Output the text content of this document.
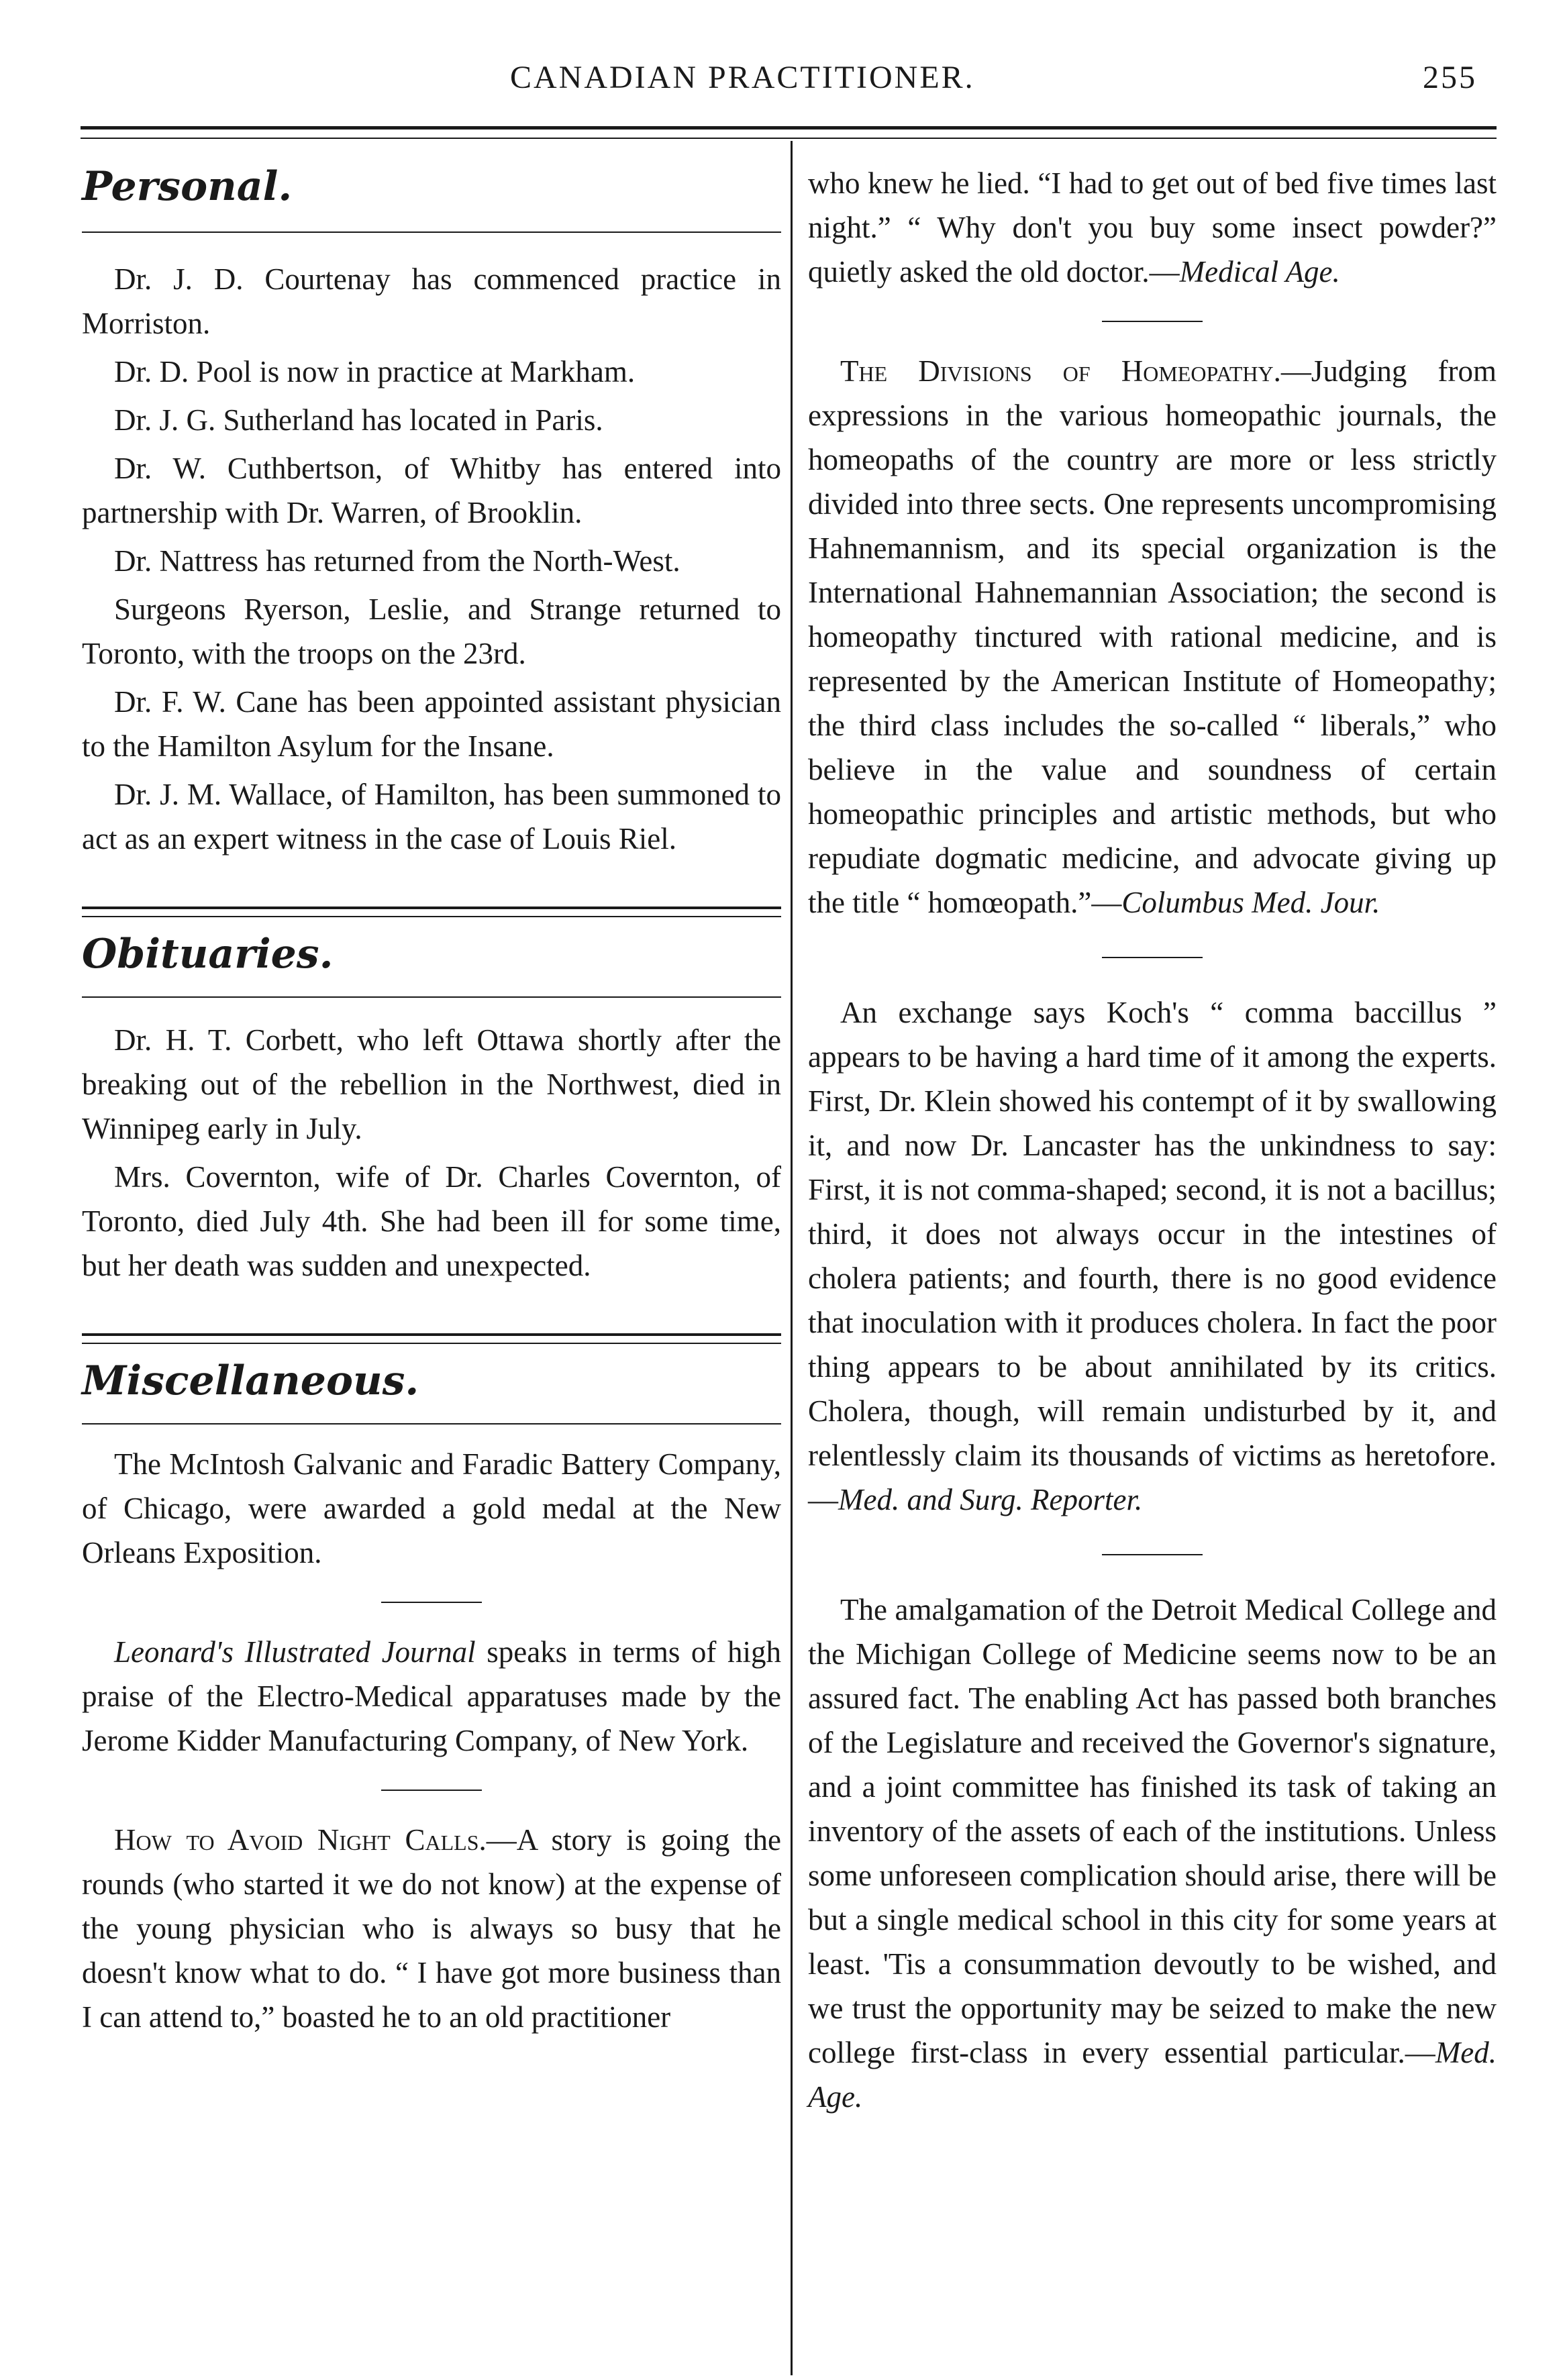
CANADIAN PRACTITIONER.	255

Personal.

Dr. J. D. Courtenay has commenced practice in Morriston.

Dr. D. Pool is now in practice at Markham.

Dr. J. G. Sutherland has located in Paris.

Dr. W. Cuthbertson, of Whitby has entered into partnership with Dr. Warren, of Brooklin.

Dr. Nattress has returned from the North-West.

Surgeons Ryerson, Leslie, and Strange returned to Toronto, with the troops on the 23rd.

Dr. F. W. Cane has been appointed assistant physician to the Hamilton Asylum for the Insane.

Dr. J. M. Wallace, of Hamilton, has been summoned to act as an expert witness in the case of Louis Riel.

Obituaries.

Dr. H. T. Corbett, who left Ottawa shortly after the breaking out of the rebellion in the Northwest, died in Winnipeg early in July.

Mrs. Covernton, wife of Dr. Charles Covernton, of Toronto, died July 4th. She had been ill for some time, but her death was sudden and unexpected.

Miscellaneous.

The McIntosh Galvanic and Faradic Battery Company, of Chicago, were awarded a gold medal at the New Orleans Exposition.

Leonard's Illustrated Journal speaks in terms of high praise of the Electro-Medical apparatuses made by the Jerome Kidder Manufacturing Company, of New York.

How to Avoid Night Calls.—A story is going the rounds (who started it we do not know) at the expense of the young physician who is always so busy that he doesn't know what to do. “ I have got more business than I can attend to,” boasted he to an old practitioner

who knew he lied. “I had to get out of bed five times last night.” “ Why don't you buy some insect powder?” quietly asked the old doctor.—Medical Age.

The Divisions of Homeopathy.—Judging from expressions in the various homeopathic journals, the homeopaths of the country are more or less strictly divided into three sects. One represents uncompromising Hahnemannism, and its special organization is the International Hahnemannian Association; the second is homeopathy tinctured with rational medicine, and is represented by the American Institute of Homeopathy; the third class includes the so-called “ liberals,” who believe in the value and soundness of certain homeopathic principles and artistic methods, but who repudiate dogmatic medicine, and advocate giving up the title “ homœopath.”—Columbus Med. Jour.

An exchange says Koch's “ comma baccillus ” appears to be having a hard time of it among the experts. First, Dr. Klein showed his contempt of it by swallowing it, and now Dr. Lancaster has the unkindness to say: First, it is not comma-shaped; second, it is not a bacillus; third, it does not always occur in the intestines of cholera patients; and fourth, there is no good evidence that inoculation with it produces cholera. In fact the poor thing appears to be about annihilated by its critics. Cholera, though, will remain undisturbed by it, and relentlessly claim its thousands of victims as heretofore.—Med. and Surg. Reporter.

The amalgamation of the Detroit Medical College and the Michigan College of Medicine seems now to be an assured fact. The enabling Act has passed both branches of the Legislature and received the Governor's signature, and a joint committee has finished its task of taking an inventory of the assets of each of the institutions. Unless some unforeseen complication should arise, there will be but a single medical school in this city for some years at least. 'Tis a consummation devoutly to be wished, and we trust the opportunity may be seized to make the new college first-class in every essential particular.—Med. Age.
